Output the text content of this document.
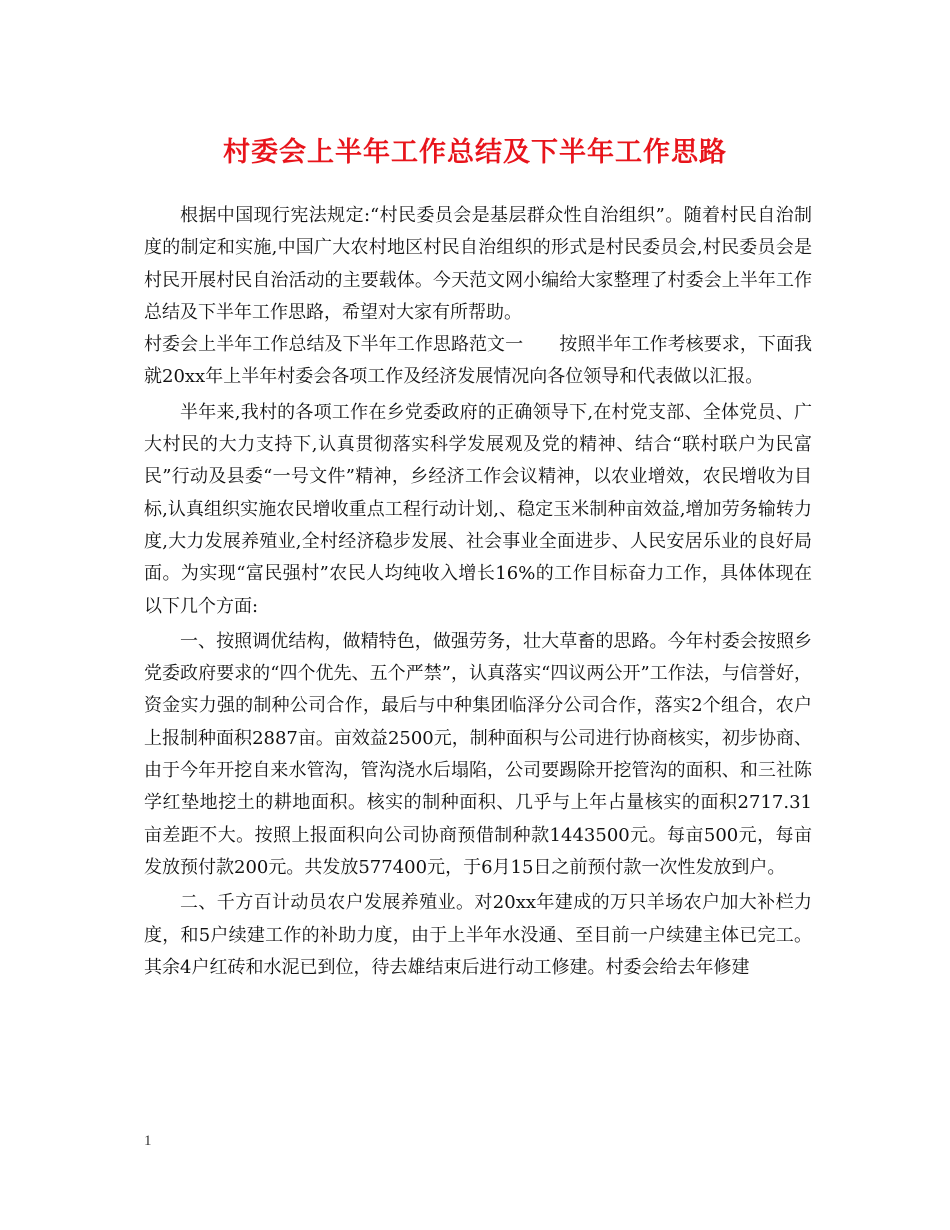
村委会上半年工作总结及下半年工作思路

根据中国现行宪法规定:“村民委员会是基层群众性自治组织”。随着村民自治制度的制定和实施,中国广大农村地区村民自治组织的形式是村民委员会,村民委员会是村民开展村民自治活动的主要载体。今天范文网小编给大家整理了村委会上半年工作总结及下半年工作思路，希望对大家有所帮助。

村委会上半年工作总结及下半年工作思路范文一　　按照半年工作考核要求，下面我就20xx年上半年村委会各项工作及经济发展情况向各位领导和代表做以汇报。

半年来,我村的各项工作在乡党委政府的正确领导下,在村党支部、全体党员、广大村民的大力支持下,认真贯彻落实科学发展观及党的精神、结合“联村联户为民富民”行动及县委“一号文件”精神，乡经济工作会议精神，以农业增效，农民增收为目标,认真组织实施农民增收重点工程行动计划,、稳定玉米制种亩效益,增加劳务输转力度,大力发展养殖业,全村经济稳步发展、社会事业全面进步、人民安居乐业的良好局面。为实现“富民强村”农民人均纯收入增长16%的工作目标奋力工作，具体体现在以下几个方面:

一、按照调优结构，做精特色，做强劳务，壮大草畜的思路。今年村委会按照乡党委政府要求的“四个优先、五个严禁”，认真落实“四议两公开”工作法，与信誉好，资金实力强的制种公司合作，最后与中种集团临泽分公司合作，落实2个组合，农户上报制种面积2887亩。亩效益2500元，制种面积与公司进行协商核实，初步协商、由于今年开挖自来水管沟，管沟浇水后塌陷，公司要踢除开挖管沟的面积、和三社陈学红垫地挖土的耕地面积。核实的制种面积、几乎与上年占量核实的面积2717.31亩差距不大。按照上报面积向公司协商预借制种款1443500元。每亩500元，每亩发放预付款200元。共发放577400元，于6月15日之前预付款一次性发放到户。

二、千方百计动员农户发展养殖业。对20xx年建成的万只羊场农户加大补栏力度，和5户续建工作的补助力度，由于上半年水没通、至目前一户续建主体已完工。其余4户红砖和水泥已到位，待去雄结束后进行动工修建。村委会给去年修建

1
